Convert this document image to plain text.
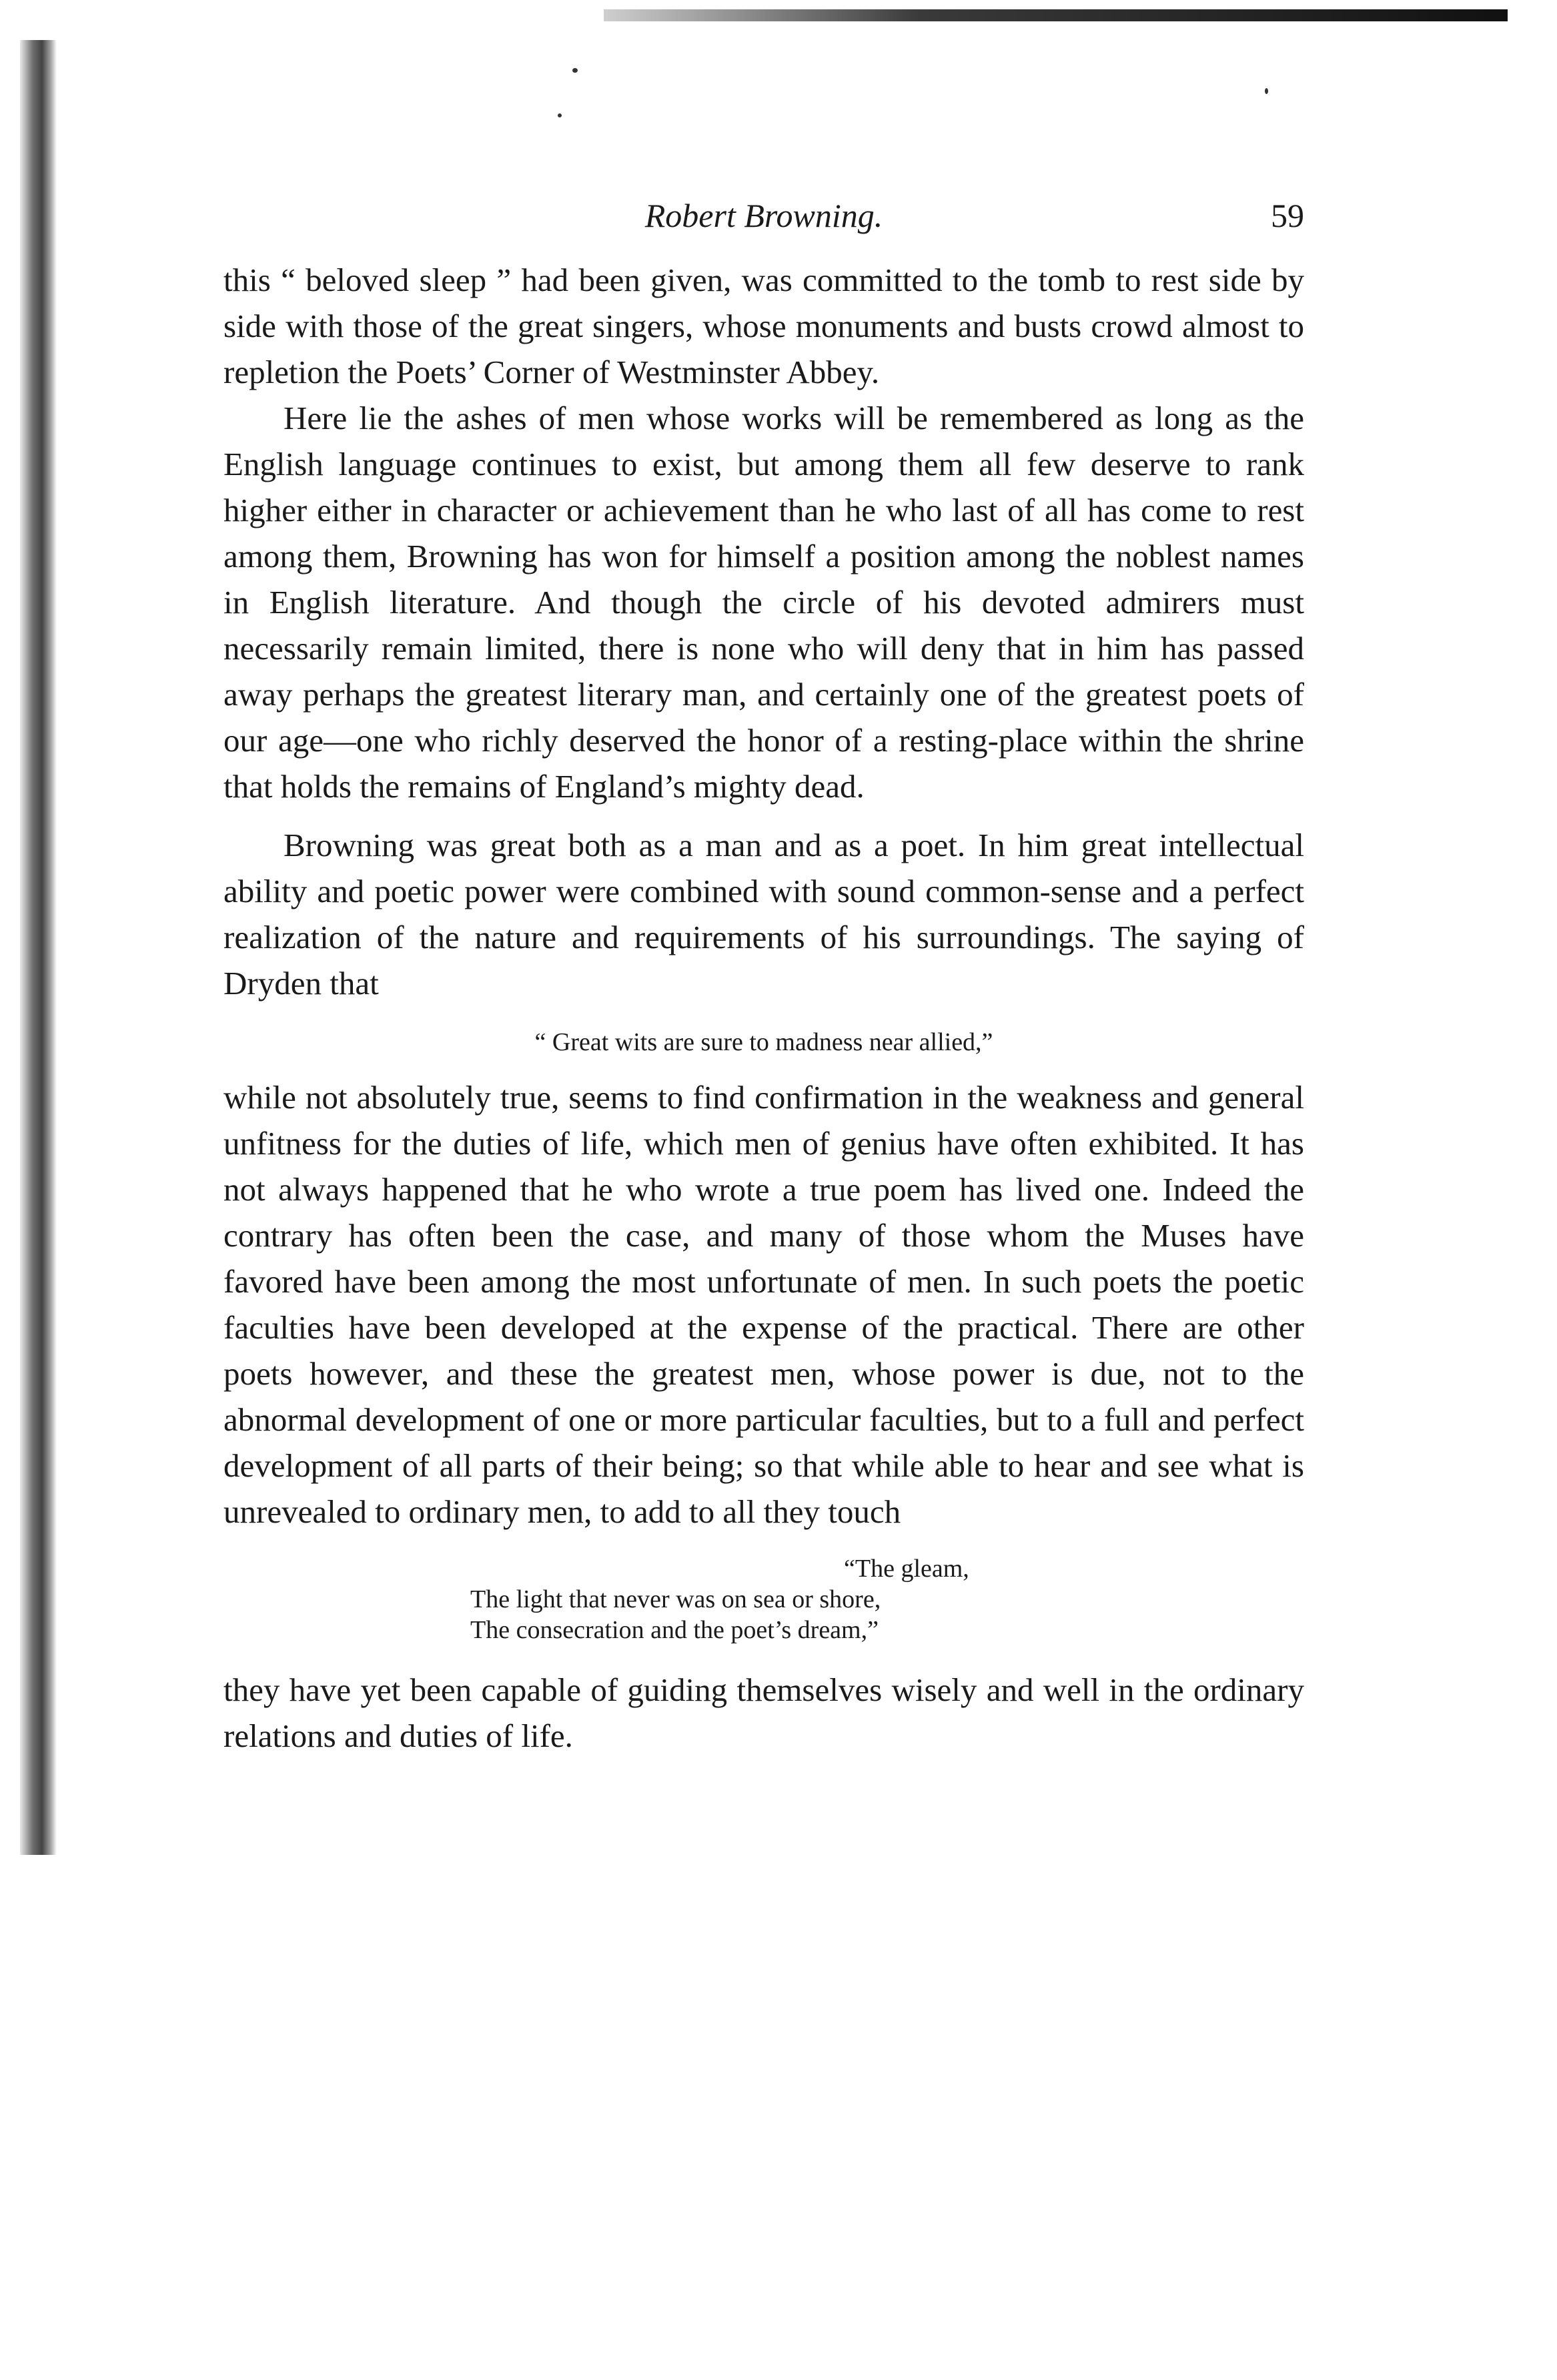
Robert Browning.	59

this “ beloved sleep ” had been given, was committed to the tomb to rest side by side with those of the great singers, whose monuments and busts crowd almost to repletion the Poets’ Corner of Westminster Abbey.

Here lie the ashes of men whose works will be remembered as long as the English language continues to exist, but among them all few deserve to rank higher either in character or achievement than he who last of all has come to rest among them, Browning has won for himself a position among the noblest names in English literature. And though the circle of his devoted admirers must necessarily remain limited, there is none who will deny that in him has passed away perhaps the greatest literary man, and certainly one of the greatest poets of our age—one who richly deserved the honor of a resting-place within the shrine that holds the remains of England’s mighty dead.

Browning was great both as a man and as a poet. In him great intellectual ability and poetic power were combined with sound common-sense and a perfect realization of the nature and requirements of his surroundings. The saying of Dryden that

“ Great wits are sure to madness near allied,”

while not absolutely true, seems to find confirmation in the weakness and general unfitness for the duties of life, which men of genius have often exhibited. It has not always happened that he who wrote a true poem has lived one. Indeed the contrary has often been the case, and many of those whom the Muses have favored have been among the most unfortunate of men. In such poets the poetic faculties have been developed at the expense of the practical. There are other poets however, and these the greatest men, whose power is due, not to the abnormal development of one or more particular faculties, but to a full and perfect development of all parts of their being; so that while able to hear and see what is unrevealed to ordinary men, to add to all they touch

“The gleam,
The light that never was on sea or shore,
The consecration and the poet’s dream,”

they have yet been capable of guiding themselves wisely and well in the ordinary relations and duties of life.
